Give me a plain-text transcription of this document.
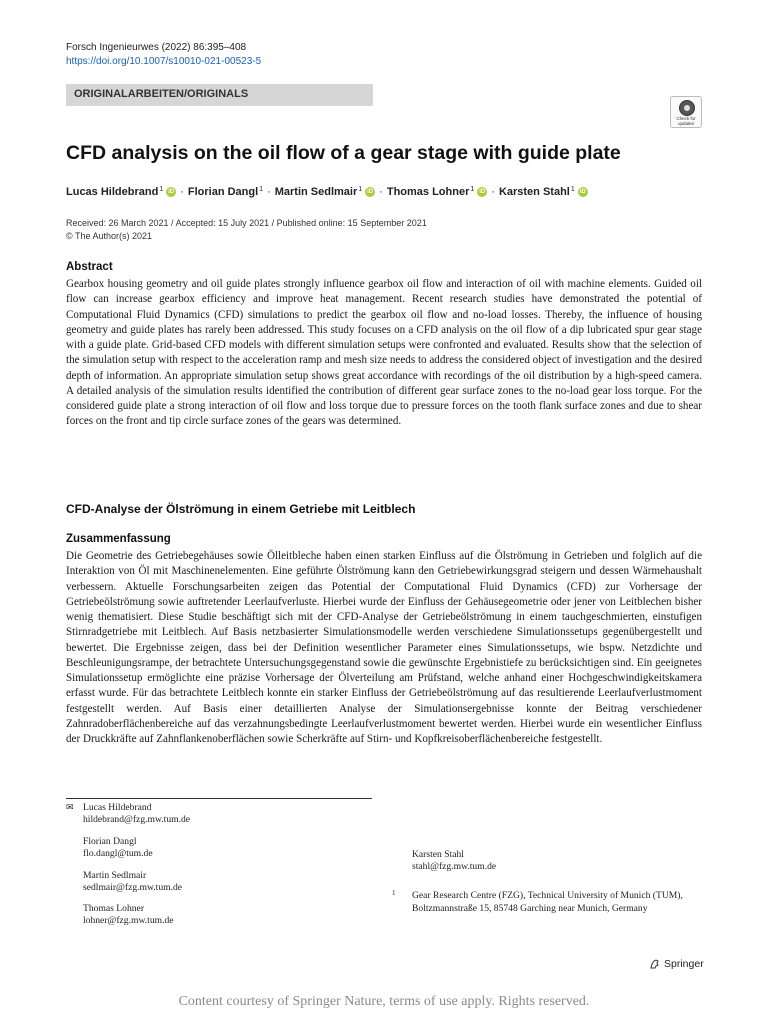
Forsch Ingenieurwes (2022) 86:395–408
https://doi.org/10.1007/s10010-021-00523-5
ORIGINALARBEITEN/ORIGINALS
Check for updates
CFD analysis on the oil flow of a gear stage with guide plate
Lucas Hildebrand$^1$ iD · Florian Dangl$^1$ · Martin Sedlmair$^1$ iD · Thomas Lohner$^1$ iD · Karsten Stahl$^1$ iD
Received: 26 March 2021 / Accepted: 15 July 2021 / Published online: 15 September 2021
© The Author(s) 2021
Abstract

Gearbox housing geometry and oil guide plates strongly influence gearbox oil flow and interaction of oil with machine elements. Guided oil flow can increase gearbox efficiency and improve heat management. Recent research studies have demonstrated the potential of Computational Fluid Dynamics (CFD) simulations to predict the gearbox oil flow and no-load losses. Thereby, the influence of housing geometry and guide plates has rarely been addressed. This study focuses on a CFD analysis on the oil flow of a dip lubricated spur gear stage with a guide plate. Grid-based CFD models with different simulation setups were confronted and evaluated. Results show that the selection of the simulation setup with respect to the acceleration ramp and mesh size needs to address the considered object of investigation and the desired depth of information. An appropriate simulation setup shows great accordance with recordings of the oil distribution by a high-speed camera. A detailed analysis of the simulation results identified the contribution of different gear surface zones to the no-load gear loss torque. For the considered guide plate a strong interaction of oil flow and loss torque due to pressure forces on the tooth flank surface zones and due to shear forces on the front and tip circle surface zones of the gears was determined.

CFD-Analyse der Ölströmung in einem Getriebe mit Leitblech
Zusammenfassung

Die Geometrie des Getriebegehäuses sowie Ölleitbleche haben einen starken Einfluss auf die Ölströmung in Getrieben und folglich auf die Interaktion von Öl mit Maschinenelementen. Eine geführte Ölströmung kann den Getriebewirkungsgrad steigern und dessen Wärmehaushalt verbessern. Aktuelle Forschungsarbeiten zeigen das Potential der Computational Fluid Dynamics (CFD) zur Vorhersage der Getriebeölströmung sowie auftretender Leerlaufverluste. Hierbei wurde der Einfluss der Gehäusegeometrie oder jener von Leitblechen bisher wenig thematisiert. Diese Studie beschäftigt sich mit der CFD-Analyse der Getriebeölströmung in einem tauchgeschmierten, einstufigen Stirnradgetriebe mit Leitblech. Auf Basis netzbasierter Simulationsmodelle werden verschiedene Simulationssetups gegenübergestellt und bewertet. Die Ergebnisse zeigen, dass bei der Definition wesentlicher Parameter eines Simulationssetups, wie bspw. Netzdichte und Beschleunigungsrampe, der betrachtete Untersuchungsgegenstand sowie die gewünschte Ergebnistiefe zu berücksichtigen sind. Ein geeignetes Simulationssetup ermöglichte eine präzise Vorhersage der Ölverteilung am Prüfstand, welche anhand einer Hochgeschwindigkeitskamera erfasst wurde. Für das betrachtete Leitblech konnte ein starker Einfluss der Getriebeölströmung auf das resultierende Leerlaufverlustmoment festgestellt werden. Auf Basis einer detaillierten Analyse der Simulationsergebnisse konnte der Beitrag verschiedener Zahnradoberflächenbereiche auf das verzahnungsbedingte Leerlaufverlustmoment bewertet werden. Hierbei wurde ein wesentlicher Einfluss der Druckkräfte auf Zahnflankenoberflächen sowie Scherkräfte auf Stirn- und Kopfkreisoberflächenbereiche festgestellt.

✉ Lucas Hildebrand
hildebrand@fzg.mw.tum.de
Florian Dangl
flo.dangl@tum.de
Martin Sedlmair
sedlmair@fzg.mw.tum.de
Thomas Lohner
lohner@fzg.mw.tum.de
Karsten Stahl
stahl@fzg.mw.tum.de
1 Gear Research Centre (FZG), Technical University of Munich (TUM), Boltzmannstraße 15, 85748 Garching near Munich, Germany
Springer
Content courtesy of Springer Nature, terms of use apply. Rights reserved.
